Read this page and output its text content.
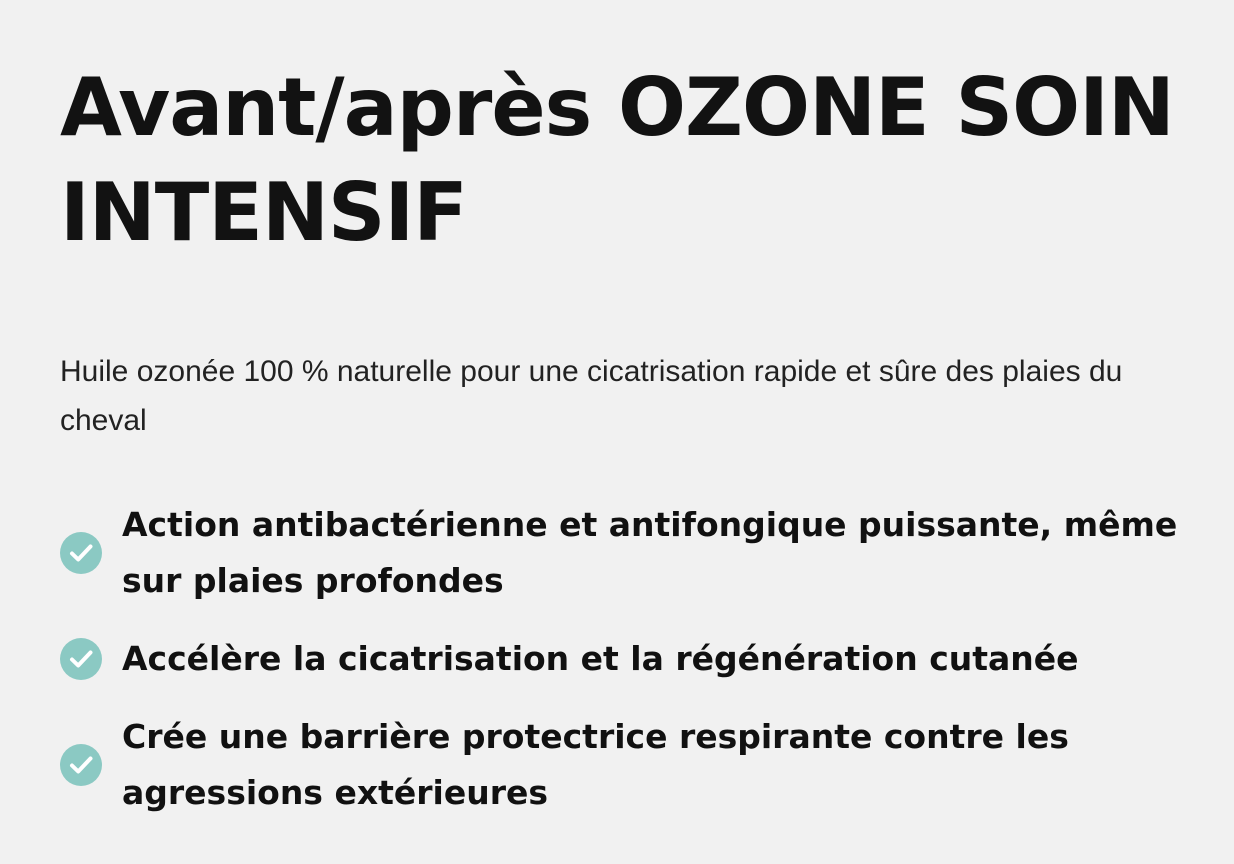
Avant/après OZONE SOIN INTENSIF

Huile ozonée 100 % naturelle pour une cicatrisation rapide et sûre des plaies du cheval

Action antibactérienne et antifongique puissante, même sur plaies profondes
Accélère la cicatrisation et la régénération cutanée
Crée une barrière protectrice respirante contre les agressions extérieures
